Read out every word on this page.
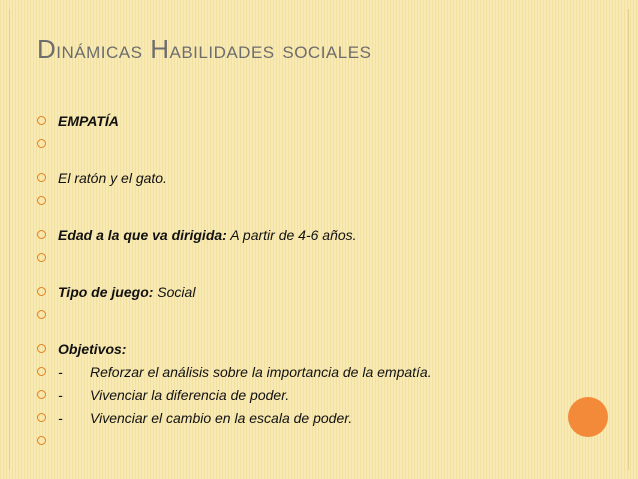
DINÁMICAS HABILIDADES SOCIALES
EMPATÍA
El ratón y el gato.
Edad a la que va dirigida: A partir de 4-6 años.
Tipo de juego: Social
Objetivos:
- Reforzar el análisis sobre la importancia de la empatía.
- Vivenciar la diferencia de poder.
- Vivenciar el cambio en la escala de poder.
